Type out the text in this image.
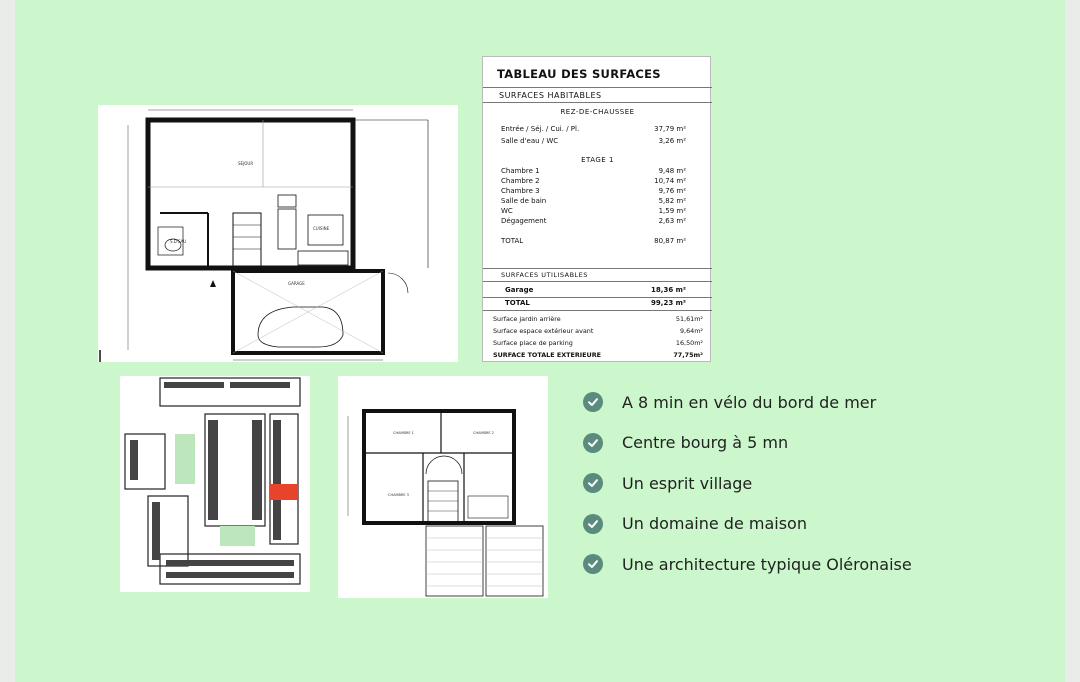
GARAGE
SEJOUR
CUISINE
S.D'EAU
CHAMBRE 1	CHAMBRE 2
CHAMBRE 3
TABLEAU DES SURFACES
SURFACES HABITABLES
REZ-DE-CHAUSSEE
Entrée / Séj. / Cui. / Pl.	37,79 m²
Salle d'eau / WC	3,26 m²
ETAGE 1
Chambre 1	9,48 m²
Chambre 2	10,74 m²
Chambre 3	9,76 m²
Salle de bain	5,82 m²
WC	1,59 m²
Dégagement	2,63 m²
TOTAL	80,87 m²
SURFACES UTILISABLES
Garage	18,36 m²
TOTAL	99,23 m²
Surface jardin arrière	51,61m²
Surface espace extérieur avant	9,64m²
Surface place de parking	16,50m²
SURFACE TOTALE EXTERIEURE	77,75m²
A 8 min en vélo du bord de mer
Centre bourg à 5 mn
Un esprit village
Un domaine de maison
Une architecture typique Oléronaise
